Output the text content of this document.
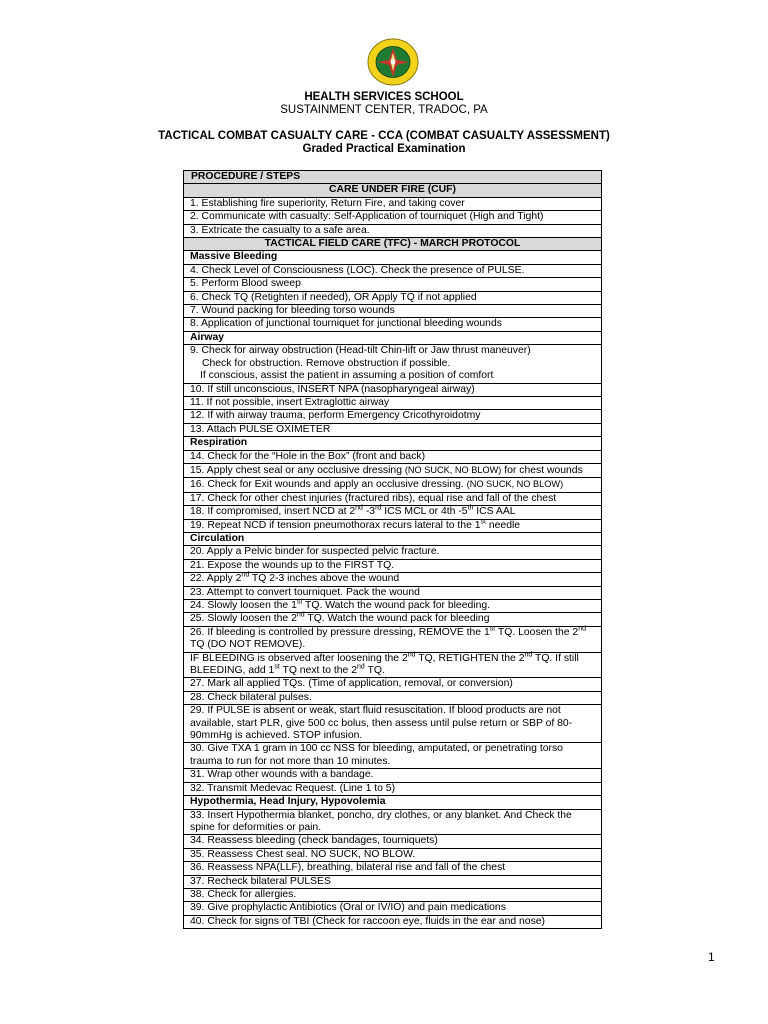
HEALTH SERVICES SCHOOL
SUSTAINMENT CENTER, TRADOC, PA
TACTICAL COMBAT CASUALTY CARE - CCA (COMBAT CASUALTY ASSESSMENT)
Graded Practical Examination
PROCEDURE / STEPS
CARE UNDER FIRE (CUF)
1. Establishing fire superiority, Return Fire, and taking cover
2. Communicate with casualty: Self-Application of tourniquet (High and Tight)
3. Extricate the casualty to a safe area.
TACTICAL FIELD CARE (TFC) - MARCH PROTOCOL
Massive Bleeding
4. Check Level of Consciousness (LOC). Check the presence of PULSE.
5. Perform Blood sweep
6. Check TQ (Retighten if needed), OR Apply TQ if not applied
7. Wound packing for bleeding torso wounds
8. Application of junctional tourniquet for junctional bleeding wounds
Airway

9. Check for airway obstruction (Head-tilt Chin-lift or Jaw thrust maneuver)
Check for obstruction. Remove obstruction if possible.
If conscious, assist the patient in assuming a position of comfort

10. If still unconscious, INSERT NPA (nasopharyngeal airway)
11. If not possible, insert Extraglottic airway
12. If with airway trauma, perform Emergency Cricothyroidotmy
13. Attach PULSE OXIMETER
Respiration
14. Check for the “Hole in the Box” (front and back)
15. Apply chest seal or any occlusive dressing (NO SUCK, NO BLOW) for chest wounds
16. Check for Exit wounds and apply an occlusive dressing. (NO SUCK, NO BLOW)
17. Check for other chest injuries (fractured ribs), equal rise and fall of the chest
18. If compromised, insert NCD at 2nd -3rd ICS MCL or 4th -5th ICS AAL
19. Repeat NCD if tension pneumothorax recurs lateral to the 1st needle
Circulation
20. Apply a Pelvic binder for suspected pelvic fracture.
21. Expose the wounds up to the FIRST TQ.
22. Apply 2nd TQ 2-3 inches above the wound
23. Attempt to convert tourniquet. Pack the wound
24. Slowly loosen the 1st TQ. Watch the wound pack for bleeding.
25. Slowly loosen the 2nd TQ. Watch the wound pack for bleeding
26. If bleeding is controlled by pressure dressing, REMOVE the 1st TQ. Loosen the 2nd TQ (DO NOT REMOVE).
IF BLEEDING is observed after loosening the 2nd TQ, RETIGHTEN the 2nd TQ. If still BLEEDING, add 1st TQ next to the 2nd TQ.
27. Mark all applied TQs. (Time of application, removal, or conversion)
28. Check bilateral pulses.
29. If PULSE is absent or weak, start fluid resuscitation. If blood products are not available, start PLR, give 500 cc bolus, then assess until pulse return or SBP of 80-90mmHg is achieved. STOP infusion.
30. Give TXA 1 gram in 100 cc NSS for bleeding, amputated, or penetrating torso trauma to run for not more than 10 minutes.
31. Wrap other wounds with a bandage.
32. Transmit Medevac Request. (Line 1 to 5)
Hypothermia, Head Injury, Hypovolemia
33. Insert Hypothermia blanket, poncho, dry clothes, or any blanket. And Check the spine for deformities or pain.
34. Reassess bleeding (check bandages, tourniquets)
35. Reassess Chest seal. NO SUCK, NO BLOW.
36. Reassess NPA(LLF), breathing, bilateral rise and fall of the chest
37. Recheck bilateral PULSES
38. Check for allergies.
39. Give prophylactic Antibiotics (Oral or IV/IO) and pain medications
40. Check for signs of TBI (Check for raccoon eye, fluids in the ear and nose)
1
